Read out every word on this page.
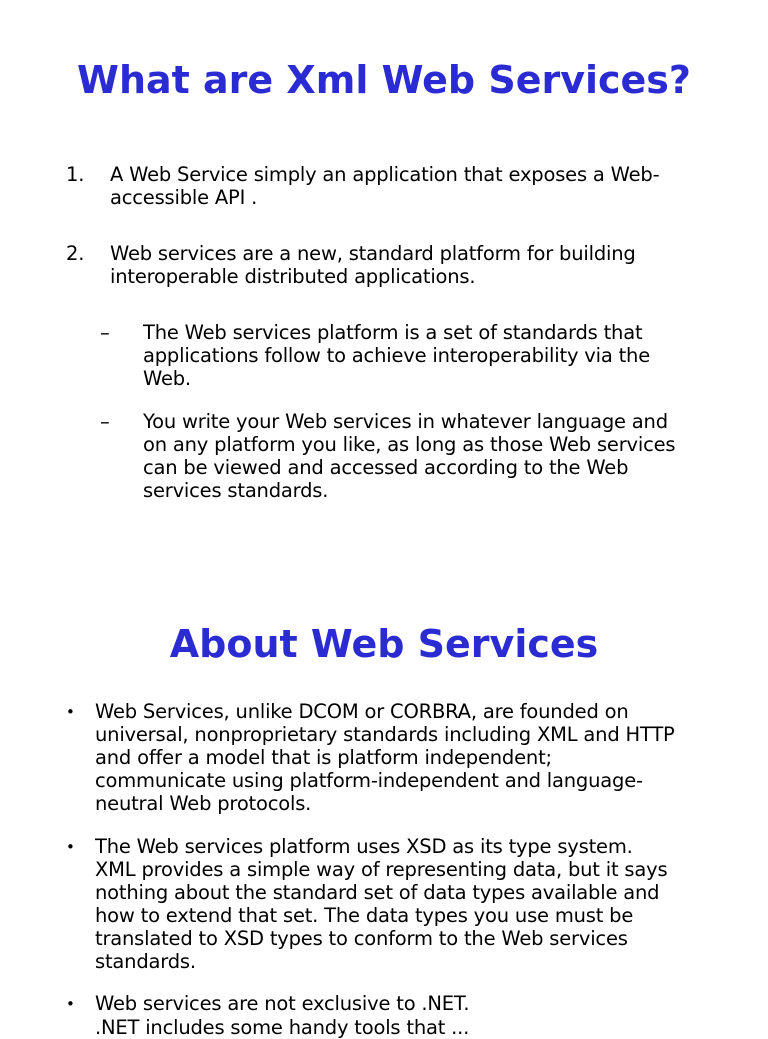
What are Xml Web Services?
1. A Web Service simply an application that exposes a Web-
accessible API .
2. Web services are a new, standard platform for building
interoperable distributed applications.
– The Web services platform is a set of standards that
applications follow to achieve interoperability via the
Web.
– You write your Web services in whatever language and
on any platform you like, as long as those Web services
can be viewed and accessed according to the Web
services standards.
About Web Services
• Web Services, unlike DCOM or CORBRA, are founded on
universal, nonproprietary standards including XML and HTTP
and offer a model that is platform independent;
communicate using platform-independent and language-
neutral Web protocols.
• The Web services platform uses XSD as its type system.
XML provides a simple way of representing data, but it says
nothing about the standard set of data types available and
how to extend that set. The data types you use must be
translated to XSD types to conform to the Web services
standards.
• Web services are not exclusive to .NET.
.NET includes some handy tools that ...
